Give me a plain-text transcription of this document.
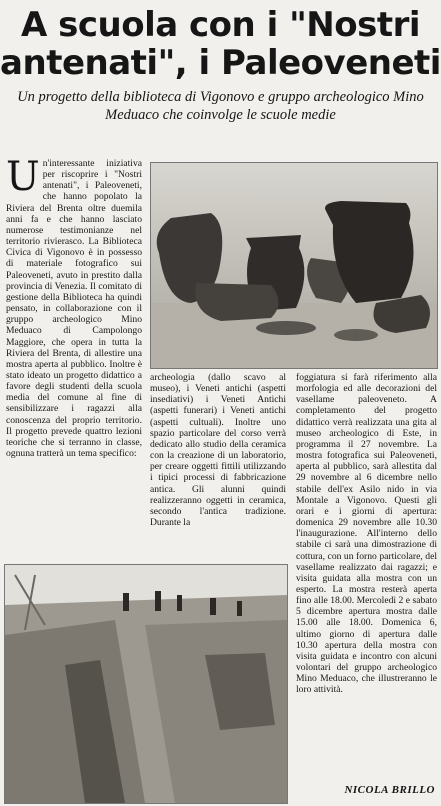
A scuola con i "Nostri
antenati", i Paleoveneti

Un progetto della biblioteca di Vigonovo e gruppo archeologico Mino Meduaco che coinvolge le scuole medie

Un'interessante iniziativa per riscoprire i "Nostri antenati", i Paleoveneti, che hanno popolato la Riviera del Brenta oltre duemila anni fa e che hanno lasciato numerose testimonianze nel territorio rivierasco. La Biblioteca Civica di Vigonovo è in possesso di materiale fotografico sui Paleoveneti, avuto in prestito dalla provincia di Venezia. Il comitato di gestione della Biblioteca ha quindi pensato, in collaborazione con il gruppo archeologico Mino Meduaco di Campolongo Maggiore, che opera in tutta la Riviera del Brenta, di allestire una mostra aperta al pubblico. Inoltre è stato ideato un progetto didattico a favore degli studenti della scuola media del comune al fine di sensibilizzare i ragazzi alla conoscenza del proprio territorio. Il progetto prevede quattro lezioni teoriche che si terranno in classe, ognuna tratterà un tema specifico:

archeologia (dallo scavo al museo), i Veneti antichi (aspetti insediativi) i Veneti Antichi (aspetti funerari) i Veneti antichi (aspetti cultuali). Inoltre uno spazio particolare del corso verrà dedicato allo studio della ceramica con la creazione di un laboratorio, per creare oggetti fittili utilizzando i tipici processi di fabbricazione antica. Gli alunni quindi realizzeranno oggetti in ceramica, secondo l'antica tradizione. Durante la

foggiatura si farà riferimento alla morfologia ed alle decorazioni del vasellame paleoveneto. A completamento del progetto didattico verrà realizzata una gita al museo archeologico di Este, in programma il 27 novembre. La mostra fotografica sui Paleoveneti, aperta al pubblico, sarà allestita dal 29 novembre al 6 dicembre nello stabile dell'ex Asilo nido in via Montale a Vigonovo. Questi gli orari e i giorni di apertura: domenica 29 novembre alle 10.30 l'inaugurazione. All'interno dello stabile ci sarà una dimostrazione di cottura, con un forno particolare, del vasellame realizzato dai ragazzi; e visita guidata alla mostra con un esperto. La mostra resterà aperta fino alle 18.00. Mercoledì 2 e sabato 5 dicembre apertura mostra dalle 15.00 alle 18.00. Domenica 6, ultimo giorno di apertura dalle 10.30 apertura della mostra con visita guidata e incontro con alcuni volontari del gruppo archeologico Mino Meduaco, che illustreranno le loro attività.

NICOLA BRILLO
